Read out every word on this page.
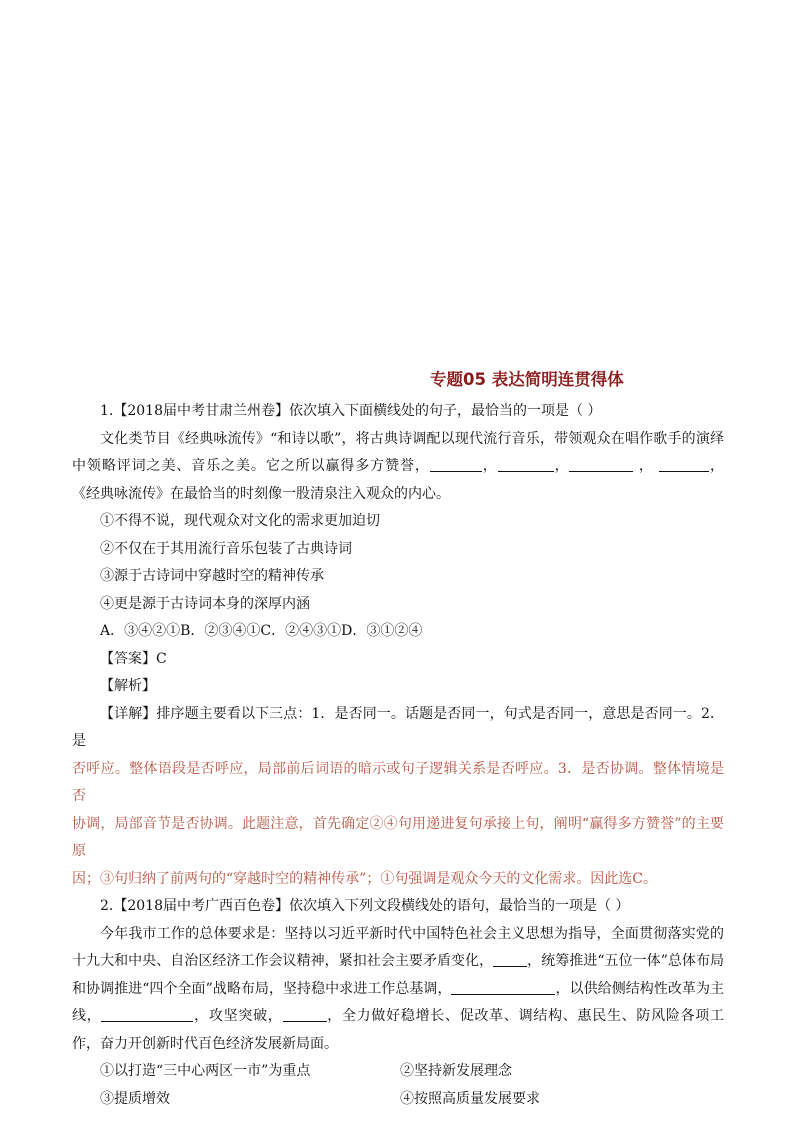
专题05 表达简明连贯得体

1.【2018届中考甘肃兰州卷】依次填入下面横线处的句子，最恰当的一项是（ ）

文化类节目《经典咏流传》“和诗以歌”，将古典诗调配以现代流行音乐，带领观众在唱作歌手的演绎中领略评词之美、音乐之美。它之所以赢得多方赞誉，	，	，	，	， 《经典咏流传》在最恰当的时刻像一股清泉注入观众的内心。

①不得不说，现代观众对文化的需求更加迫切

②不仅在于其用流行音乐包装了古典诗词

③源于古诗词中穿越时空的精神传承

④更是源于古诗词本身的深厚内涵

A．③④②①B．②③④①C．②④③①D．③①②④

【答案】C

【解析】

【详解】排序题主要看以下三点：1．是否同一。话题是否同一，句式是否同一，意思是否同一。2．是

否呼应。整体语段是否呼应，局部前后词语的暗示或句子逻辑关系是否呼应。3．是否协调。整体情境是否

协调，局部音节是否协调。此题注意，首先确定②④句用递进复句承接上句，阐明“赢得多方赞誉”的主要原

因；③句归纳了前两句的“穿越时空的精神传承”；①句强调是观众今天的文化需求。因此选C。

2.【2018届中考广西百色卷】依次填入下列文段横线处的语句，最恰当的一项是（ ）

今年我市工作的总体要求是：坚持以习近平新时代中国特色社会主义思想为指导，全面贯彻落实党的十九大和中央、自治区经济工作会议精神，紧扣社会主要矛盾变化， ，统筹推进“五位一体”总体布局和协调推进“四个全面”战略布局，坚持稳中求进工作总基调，	，以供给侧结构性改革为主线，	，攻坚突破，	，全力做好稳增长、促改革、调结构、惠民生、防风险各项工作，奋力开创新时代百色经济发展新局面。

①以打造“三中心两区一市”为重点	②坚持新发展理念
③提质增效	④按照高质量发展要求
